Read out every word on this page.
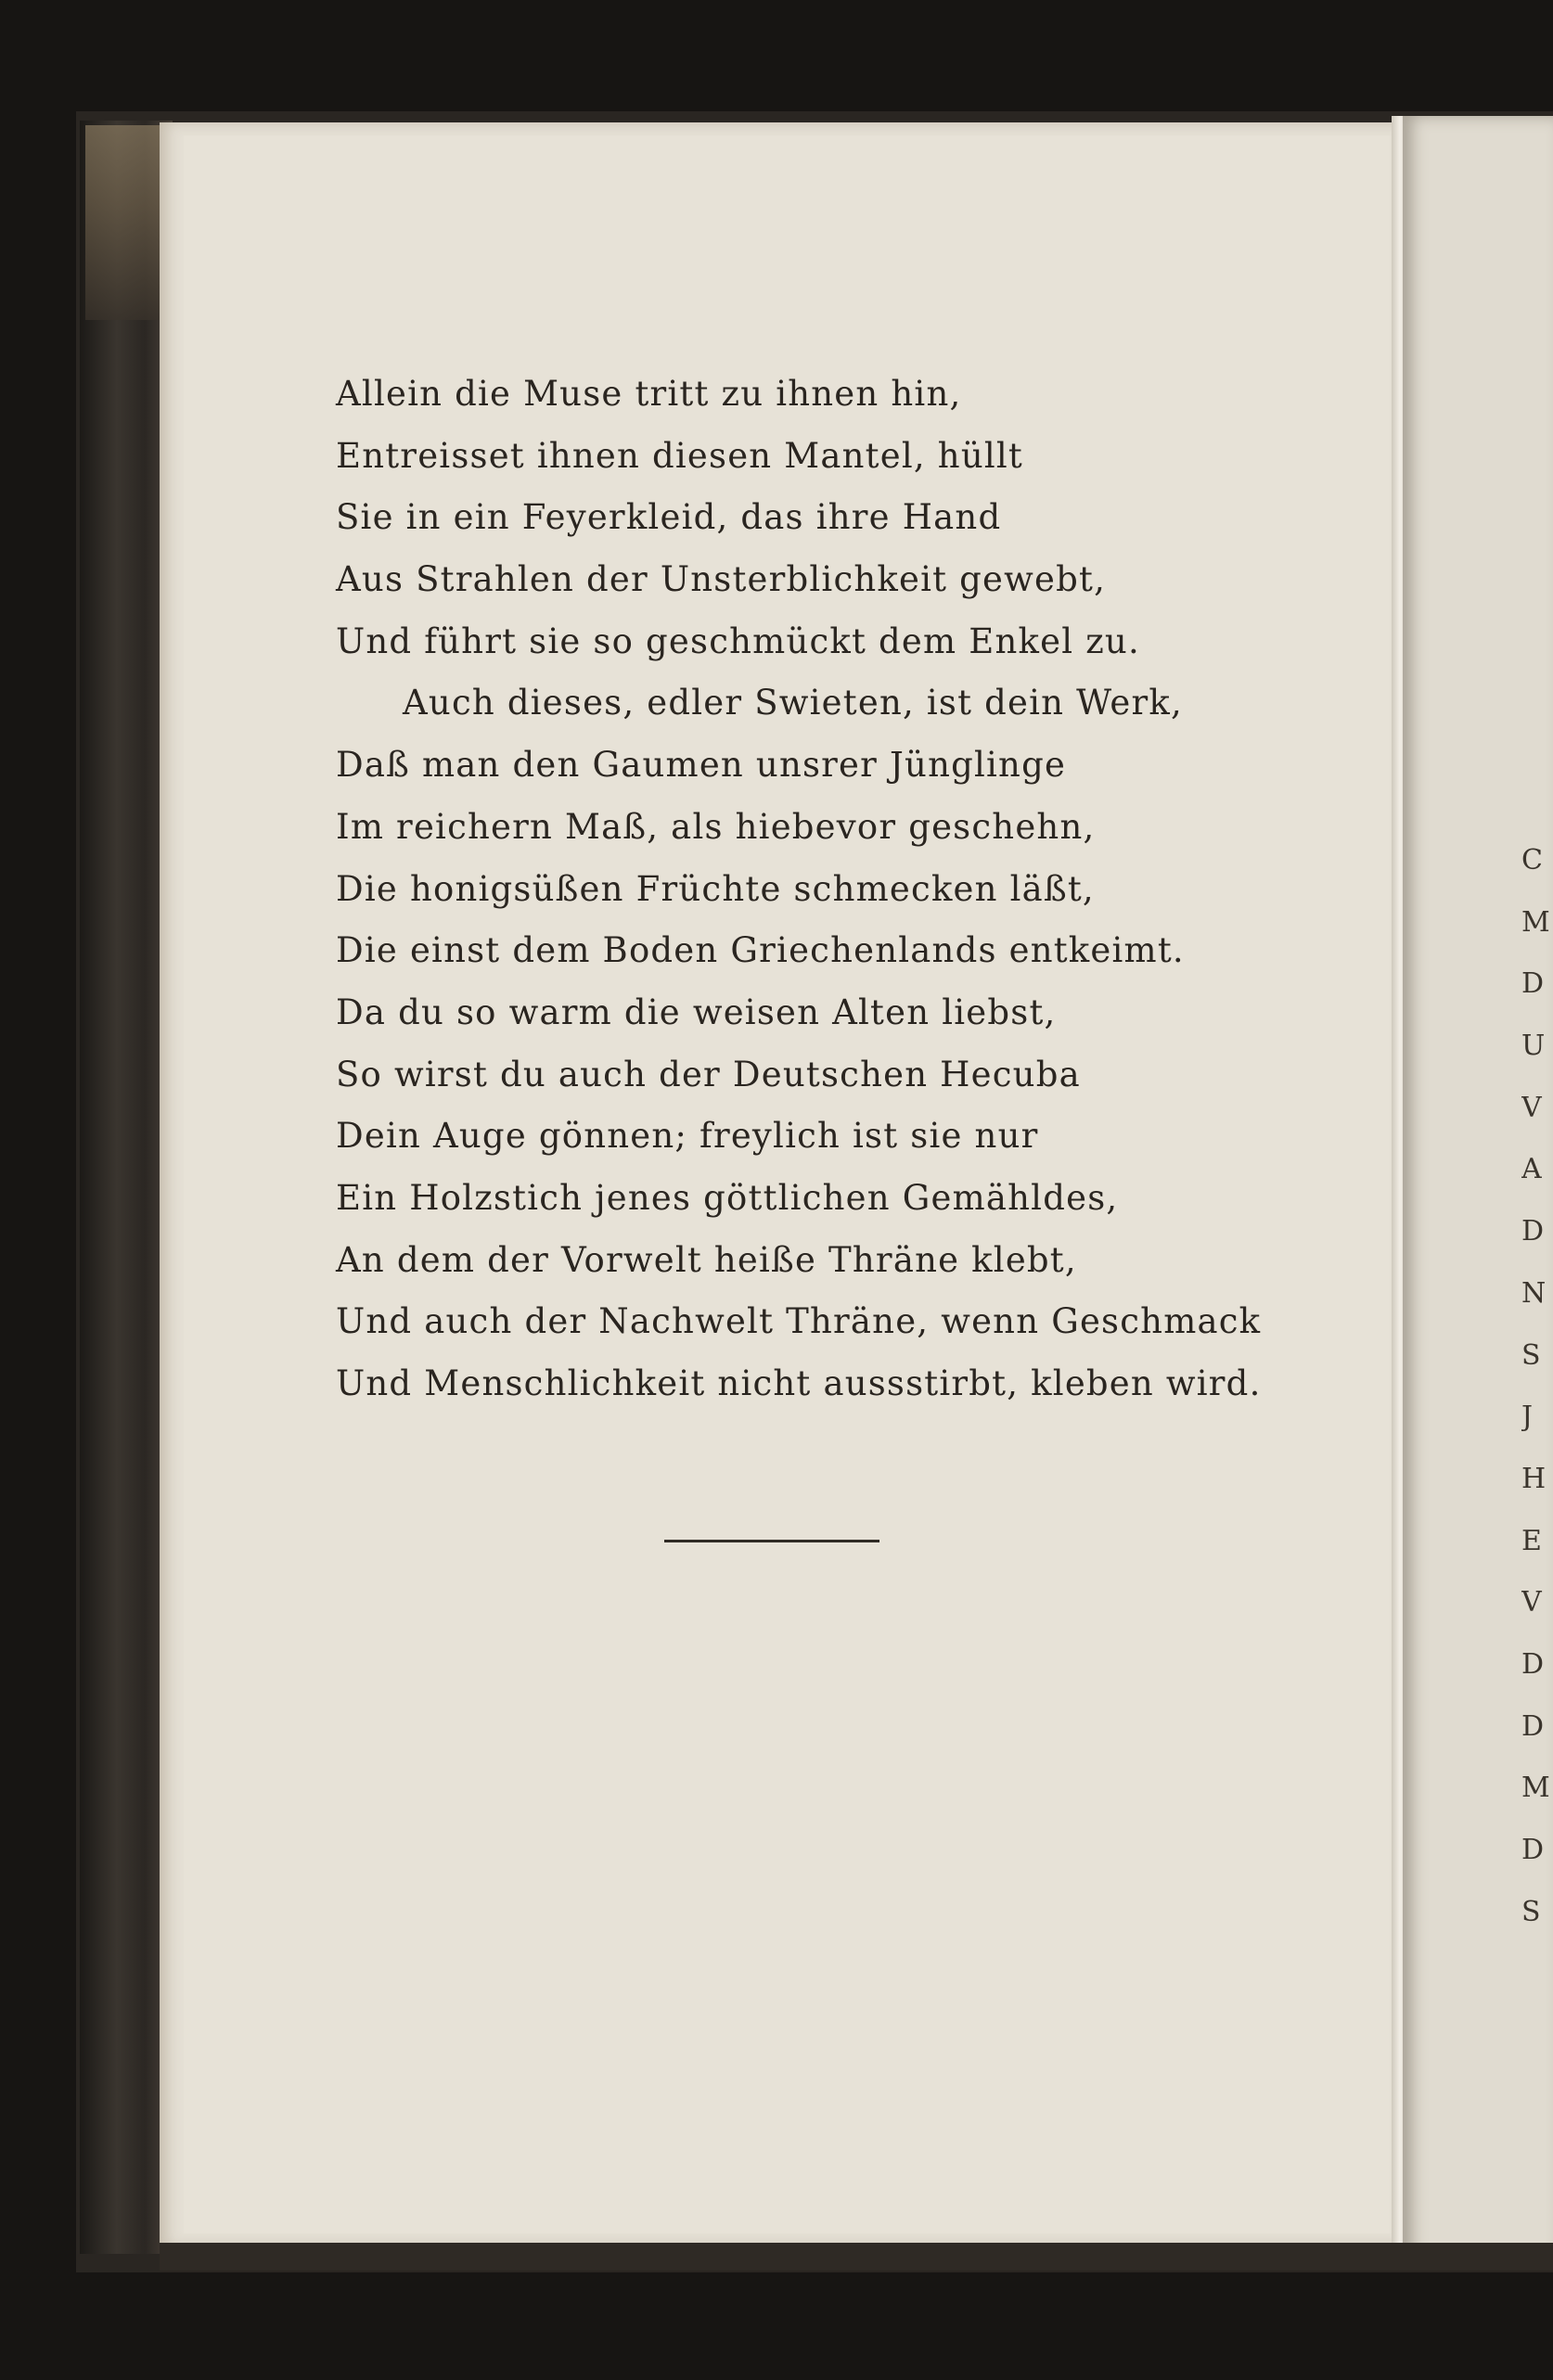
Allein die Muse tritt zu ihnen hin,
Entreisset ihnen diesen Mantel, hüllt
Sie in ein Feyerkleid, das ihre Hand
Aus Strahlen der Unsterblichkeit gewebt,
Und führt sie so geschmückt dem Enkel zu.
Auch dieses, edler Swieten, ist dein Werk,
Daß man den Gaumen unsrer Jünglinge
Im reichern Maß, als hiebevor geschehn,
Die honigsüßen Früchte schmecken läßt,
Die einst dem Boden Griechenlands entkeimt.
Da du so warm die weisen Alten liebst,
So wirst du auch der Deutschen Hecuba
Dein Auge gönnen; freylich ist sie nur
Ein Holzstich jenes göttlichen Gemähldes,
An dem der Vorwelt heiße Thräne klebt,
Und auch der Nachwelt Thräne, wenn Geschmack
Und Menschlichkeit nicht aussstirbt, kleben wird.
C
M
D
U
V
A
D
N
S
J
H
E
V
D
D
M
D
S
